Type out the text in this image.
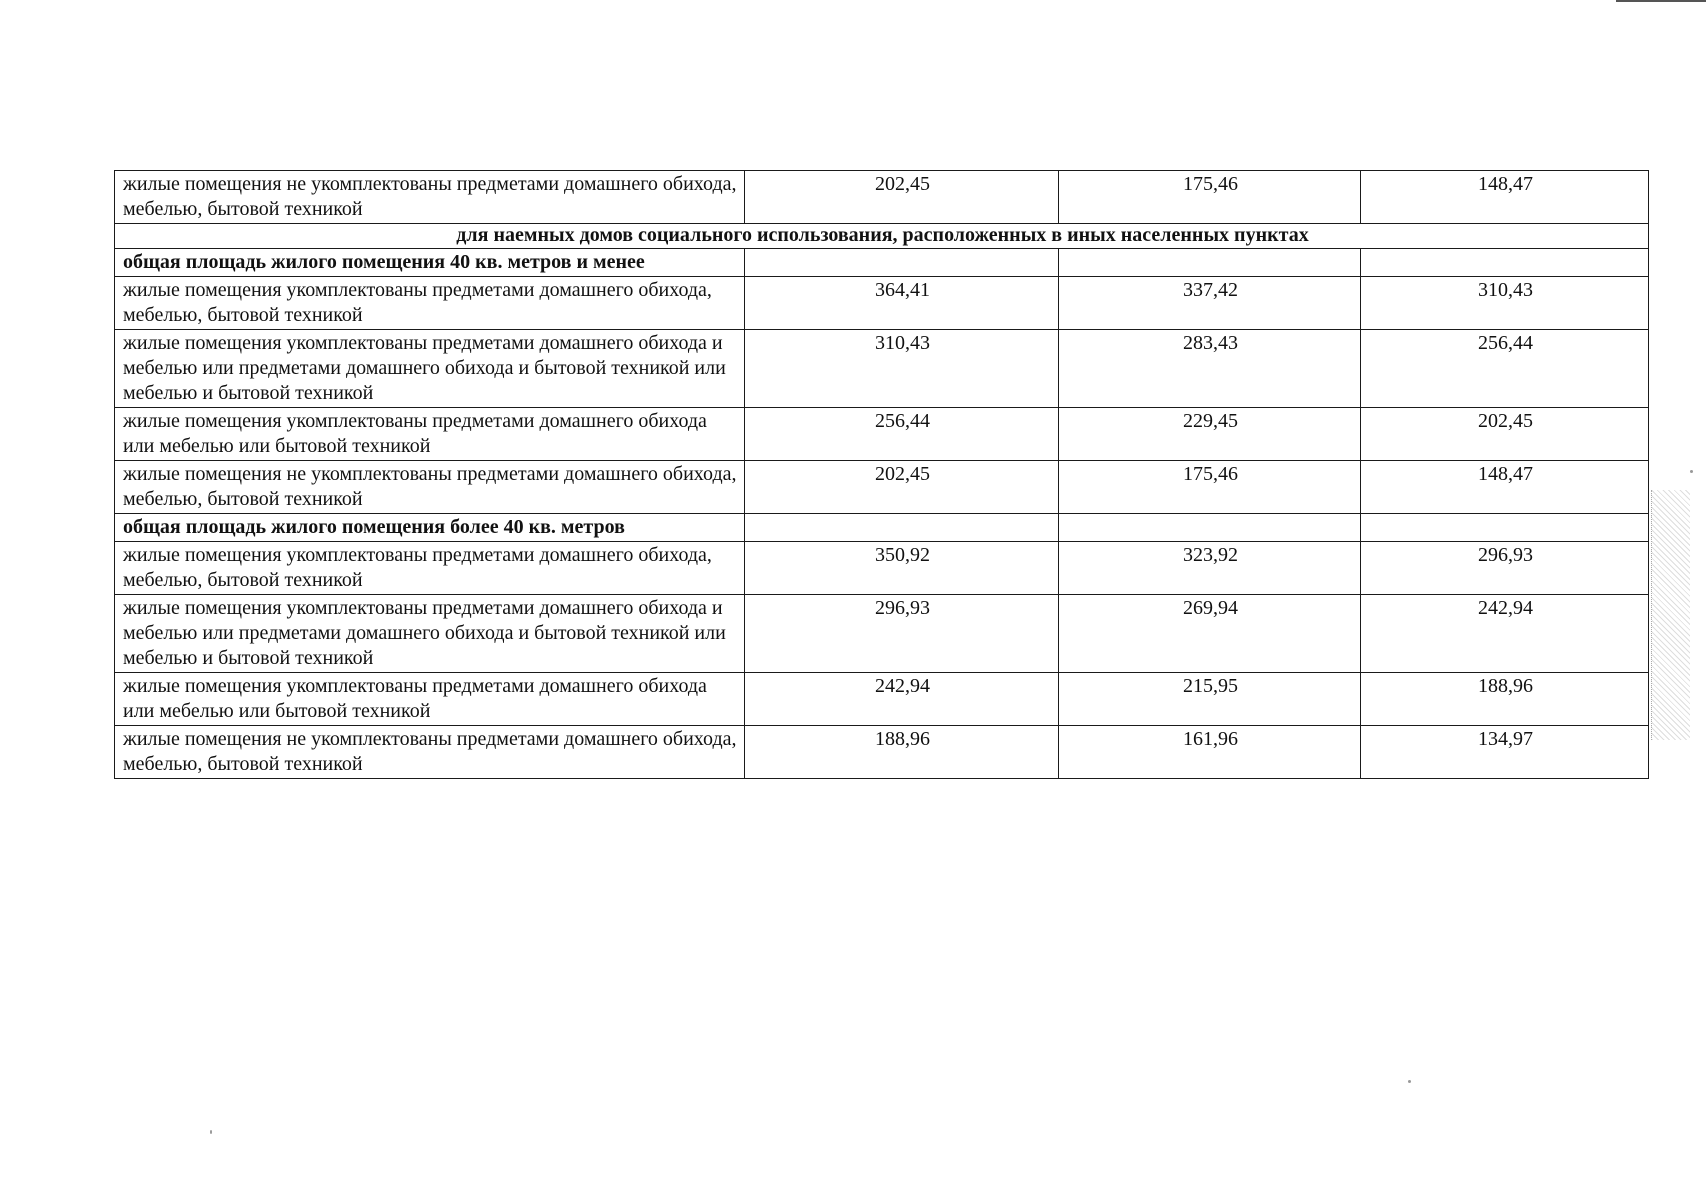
жилые помещения не укомплектованы предметами домашнего обихода, мебелью, бытовой техникой	202,45	175,46	148,47
для наемных домов социального использования, расположенных в иных населенных пунктах			
общая площадь жилого помещения 40 кв. метров и менее			
жилые помещения укомплектованы предметами домашнего обихода, мебелью, бытовой техникой	364,41	337,42	310,43
жилые помещения укомплектованы предметами домашнего обихода и мебелью или предметами домашнего обихода и бытовой техникой или мебелью и бытовой техникой	310,43	283,43	256,44
жилые помещения укомплектованы предметами домашнего обихода или мебелью или бытовой техникой	256,44	229,45	202,45
жилые помещения не укомплектованы предметами домашнего обихода, мебелью, бытовой техникой	202,45	175,46	148,47
общая площадь жилого помещения более 40 кв. метров			
жилые помещения укомплектованы предметами домашнего обихода, мебелью, бытовой техникой	350,92	323,92	296,93
жилые помещения укомплектованы предметами домашнего обихода и мебелью или предметами домашнего обихода и бытовой техникой или мебелью и бытовой техникой	296,93	269,94	242,94
жилые помещения укомплектованы предметами домашнего обихода или мебелью или бытовой техникой	242,94	215,95	188,96
жилые помещения не укомплектованы предметами домашнего обихода, мебелью, бытовой техникой	188,96	161,96	134,97
